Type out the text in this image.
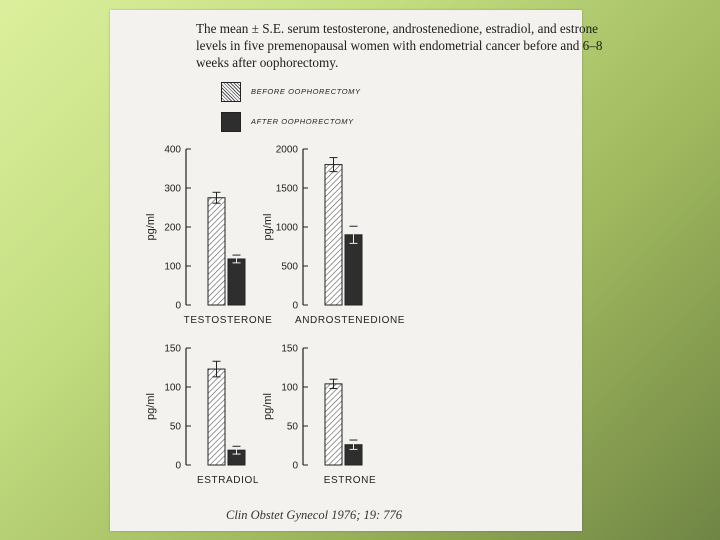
The mean ± S.E. serum testosterone, androstenedione, estradiol, and estrone levels in five premenopausal women with endometrial cancer before and 6–8 weeks after oophorectomy.

BEFORE OOPHORECTOMY
AFTER OOPHORECTOMY
0
100
200
300
400
pg/ml
TESTOSTERONE
0
500
1000
1500
2000
pg/ml
ANDROSTENEDIONE
0
50
100
150
pg/ml
ESTRADIOL
0
50
100
150
pg/ml
ESTRONE
Clin Obstet Gynecol 1976; 19: 776
